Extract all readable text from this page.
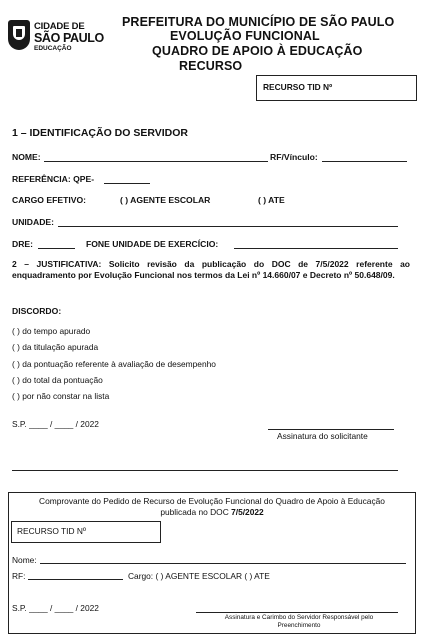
CIDADE DE
SÃO PAULO
EDUCAÇÃO
PREFEITURA DO MUNICÍPIO DE SÃO PAULO
EVOLUÇÃO FUNCIONAL
QUADRO DE APOIO À EDUCAÇÃO
RECURSO
RECURSO TID Nº
1 – IDENTIFICAÇÃO DO SERVIDOR
NOME:	RF/Vínculo:
REFERÊNCIA: QPE-
CARGO EFETIVO:	( ) AGENTE ESCOLAR	( ) ATE
UNIDADE:
DRE:	FONE UNIDADE DE EXERCÍCIO:
2 – JUSTIFICATIVA: Solicito revisão da publicação do DOC de 7/5/2022 referente ao enquadramento por Evolução Funcional nos termos da Lei nº 14.660/07 e Decreto nº 50.648/09.
DISCORDO:
( ) do tempo apurado
( ) da titulação apurada
( ) da pontuação referente à avaliação de desempenho
( ) do total da pontuação
( ) por não constar na lista
S.P. ____ / ____ / 2022
Assinatura do solicitante
Comprovante do Pedido de Recurso de Evolução Funcional do Quadro de Apoio à Educação
publicada no DOC 7/5/2022
RECURSO TID Nº
Nome:
RF:	Cargo: ( ) AGENTE ESCOLAR ( ) ATE
S.P. ____ / ____ / 2022
Assinatura e Carimbo do Servidor Responsável pelo
Preenchimento
